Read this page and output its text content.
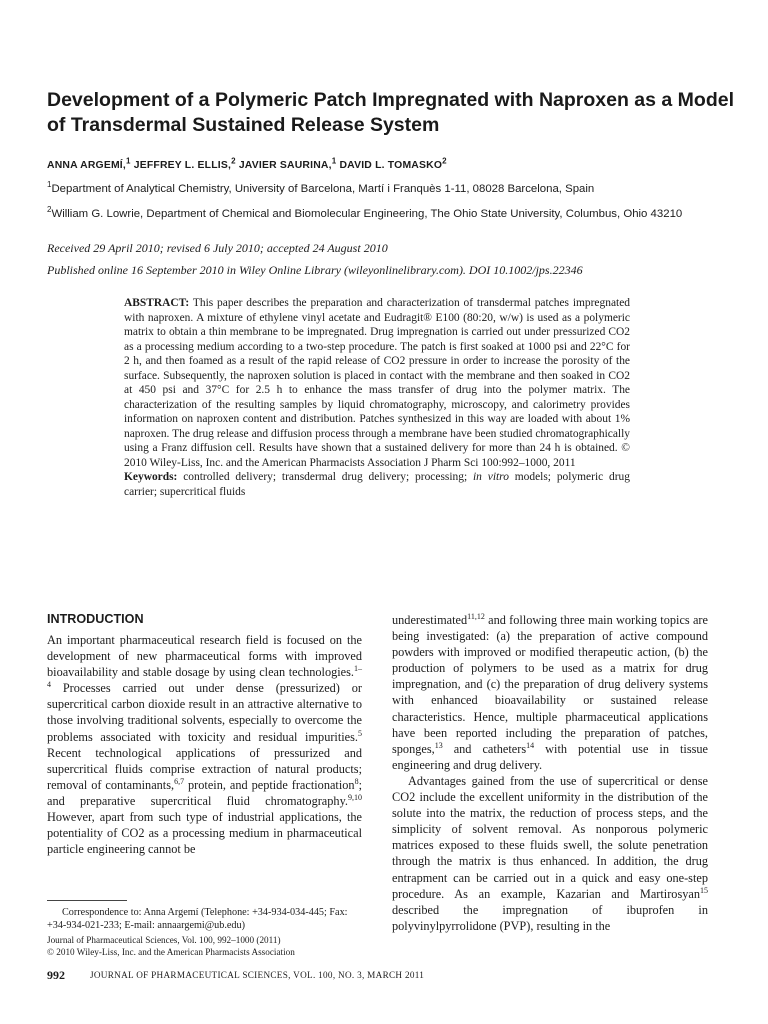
Development of a Polymeric Patch Impregnated with Naproxen as a Model of Transdermal Sustained Release System
ANNA ARGEMÍ,$^1$ JEFFREY L. ELLIS,$^2$ JAVIER SAURINA,$^1$ DAVID L. TOMASKO$^2$
$^1$Department of Analytical Chemistry, University of Barcelona, Martí i Franquès 1-11, 08028 Barcelona, Spain
$^2$William G. Lowrie, Department of Chemical and Biomolecular Engineering, The Ohio State University, Columbus, Ohio 43210
Received 29 April 2010; revised 6 July 2010; accepted 24 August 2010
Published online 16 September 2010 in Wiley Online Library (wileyonlinelibrary.com). DOI 10.1002/jps.22346
ABSTRACT: This paper describes the preparation and characterization of transdermal patches impregnated with naproxen. A mixture of ethylene vinyl acetate and Eudragit® E100 (80:20, w/w) is used as a polymeric matrix to obtain a thin membrane to be impregnated. Drug impregnation is carried out under pressurized CO2 as a processing medium according to a two-step procedure. The patch is first soaked at 1000 psi and 22°C for 2 h, and then foamed as a result of the rapid release of CO2 pressure in order to increase the porosity of the surface. Subsequently, the naproxen solution is placed in contact with the membrane and then soaked in CO2 at 450 psi and 37°C for 2.5 h to enhance the mass transfer of drug into the polymer matrix. The characterization of the resulting samples by liquid chromatography, microscopy, and calorimetry provides information on naproxen content and distribution. Patches synthesized in this way are loaded with about 1% naproxen. The drug release and diffusion process through a membrane have been studied chromatographically using a Franz diffusion cell. Results have shown that a sustained delivery for more than 24 h is obtained. © 2010 Wiley-Liss, Inc. and the American Pharmacists Association J Pharm Sci 100:992–1000, 2011
Keywords: controlled delivery; transdermal drug delivery; processing; in vitro models; polymeric drug carrier; supercritical fluids
INTRODUCTION

An important pharmaceutical research field is focused on the development of new pharmaceutical forms with improved bioavailability and stable dosage by using clean technologies.$^{1-4}$ Processes carried out under dense (pressurized) or supercritical carbon dioxide result in an attractive alternative to those involving traditional solvents, especially to overcome the problems associated with toxicity and residual impurities.$^5$ Recent technological applications of pressurized and supercritical fluids comprise extraction of natural products; removal of contaminants,$^{6,7}$ protein, and peptide fractionation$^8$; and preparative supercritical fluid chromatography.$^{9,10}$ However, apart from such type of industrial applications, the potentiality of CO2 as a processing medium in pharmaceutical particle engineering cannot be

underestimated$^{11,12}$ and following three main working topics are being investigated: (a) the preparation of active compound powders with improved or modified therapeutic action, (b) the production of polymers to be used as a matrix for drug impregnation, and (c) the preparation of drug delivery systems with enhanced bioavailability or sustained release characteristics. Hence, multiple pharmaceutical applications have been reported including the preparation of patches, sponges,$^{13}$ and catheters$^{14}$ with potential use in tissue engineering and drug delivery.

Advantages gained from the use of supercritical or dense CO2 include the excellent uniformity in the distribution of the solute into the matrix, the reduction of process steps, and the simplicity of solvent removal. As nonporous polymeric matrices exposed to these fluids swell, the solute penetration through the matrix is thus enhanced. In addition, the drug entrapment can be carried out in a quick and easy one-step procedure. As an example, Kazarian and Martirosyan$^{15}$ described the impregnation of ibuprofen in polyvinylpyrrolidone (PVP), resulting in the

Correspondence to: Anna Argemí (Telephone: +34-934-034-445; Fax: +34-934-021-233; E-mail: annaargemi@ub.edu)
Journal of Pharmaceutical Sciences, Vol. 100, 992–1000 (2011)
© 2010 Wiley-Liss, Inc. and the American Pharmacists Association
992	JOURNAL OF PHARMACEUTICAL SCIENCES, VOL. 100, NO. 3, MARCH 2011
